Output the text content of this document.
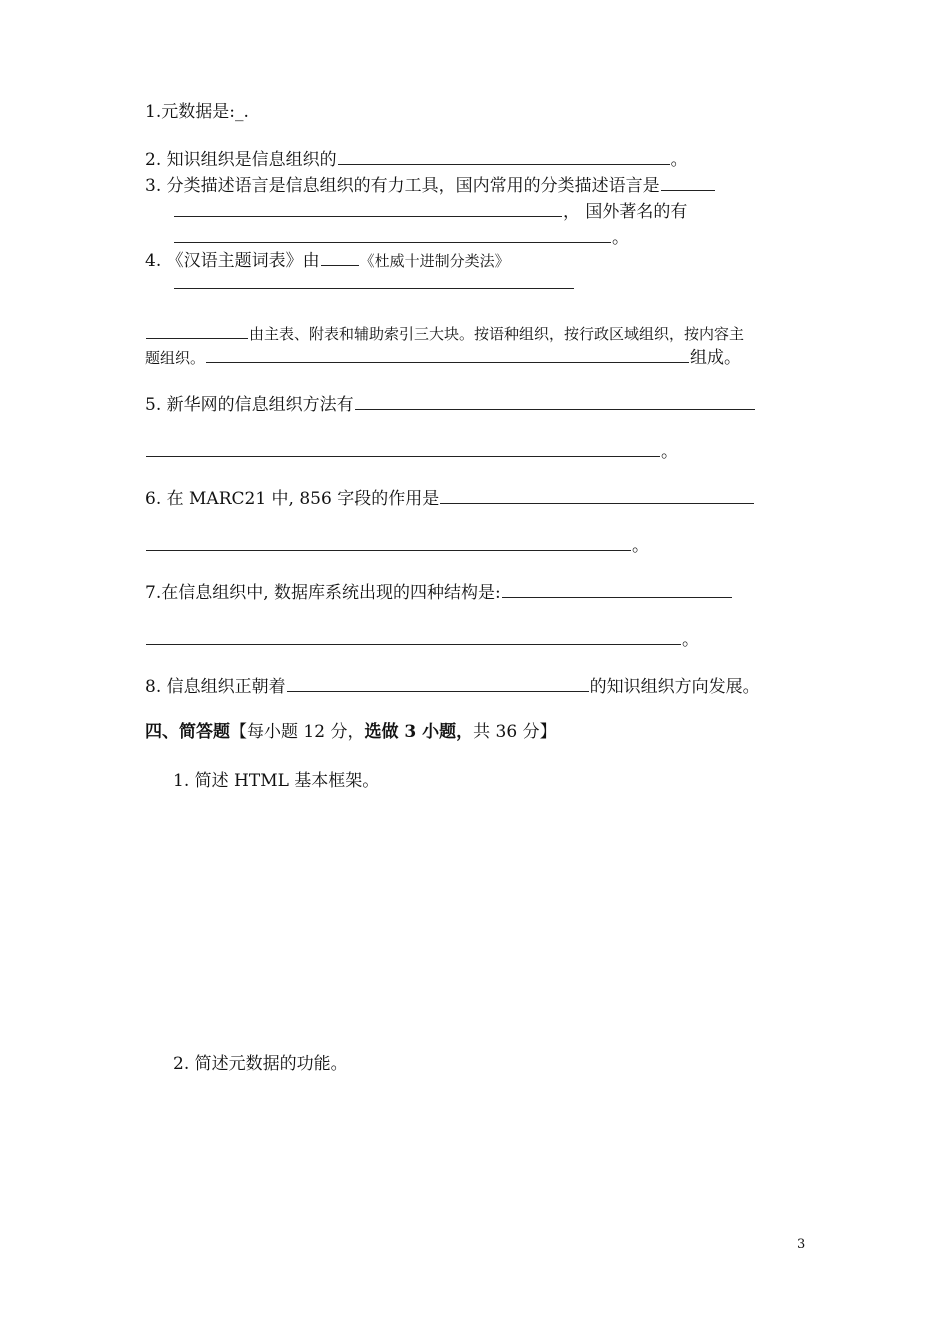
1.元数据是:_.
2. 知识组织是信息组织的	。
3. 分类描述语言是信息组织的有力工具，国内常用的分类描述语言是
， 国外著名的有
。
4. 《汉语主题词表》由	《杜威十进制分类法》
由主表、附表和辅助索引三大块。按语种组织，按行政区域组织，按内容主
题组织。	组成。
5. 新华网的信息组织方法有
。
6. 在 MARC21 中, 856 字段的作用是
。
7.在信息组织中, 数据库系统出现的四种结构是:
。
8. 信息组织正朝着	的知识组织方向发展。
四、简答题【每小题 12 分，选做 3 小题，共 36 分】
1. 简述 HTML 基本框架。
2. 简述元数据的功能。
3
